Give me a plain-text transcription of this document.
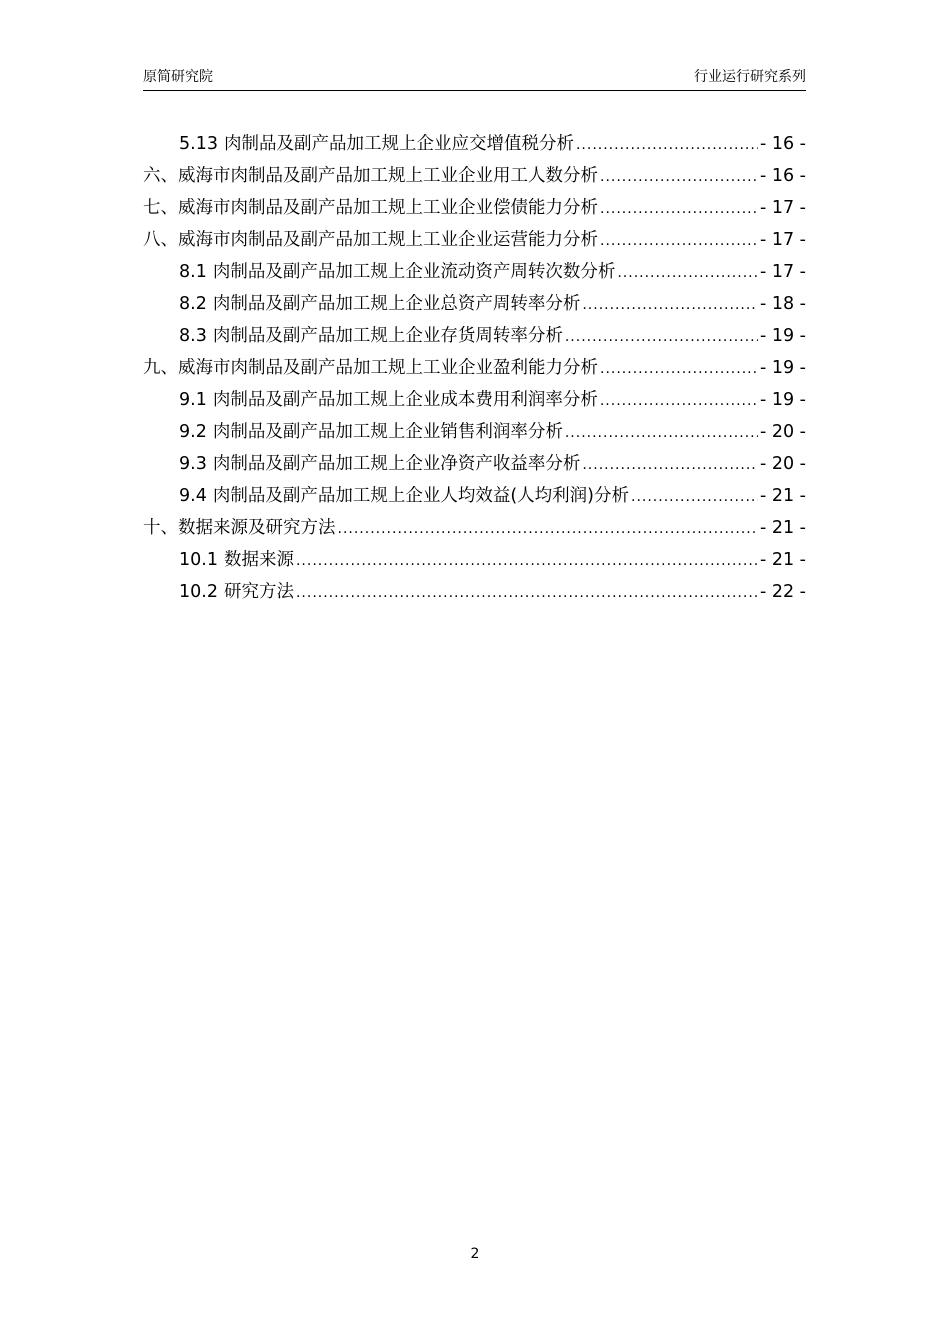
原简研究院	行业运行研究系列
5.13 肉制品及副产品加工规上企业应交增值税分析 .....	- 16 -
六、威海市肉制品及副产品加工规上工业企业用工人数分析 .....	- 16 -
七、威海市肉制品及副产品加工规上工业企业偿债能力分析 .....	- 17 -
八、威海市肉制品及副产品加工规上工业企业运营能力分析 .....	- 17 -
8.1 肉制品及副产品加工规上企业流动资产周转次数分析 .....	- 17 -
8.2 肉制品及副产品加工规上企业总资产周转率分析 .....	- 18 -
8.3 肉制品及副产品加工规上企业存货周转率分析 .....	- 19 -
九、威海市肉制品及副产品加工规上工业企业盈利能力分析 .....	- 19 -
9.1 肉制品及副产品加工规上企业成本费用利润率分析 .....	- 19 -
9.2 肉制品及副产品加工规上企业销售利润率分析 .....	- 20 -
9.3 肉制品及副产品加工规上企业净资产收益率分析 .....	- 20 -
9.4 肉制品及副产品加工规上企业人均效益(人均利润)分析 .....	- 21 -
十、数据来源及研究方法 .....	- 21 -
10.1 数据来源 .....	- 21 -
10.2 研究方法 .....	- 22 -
2
